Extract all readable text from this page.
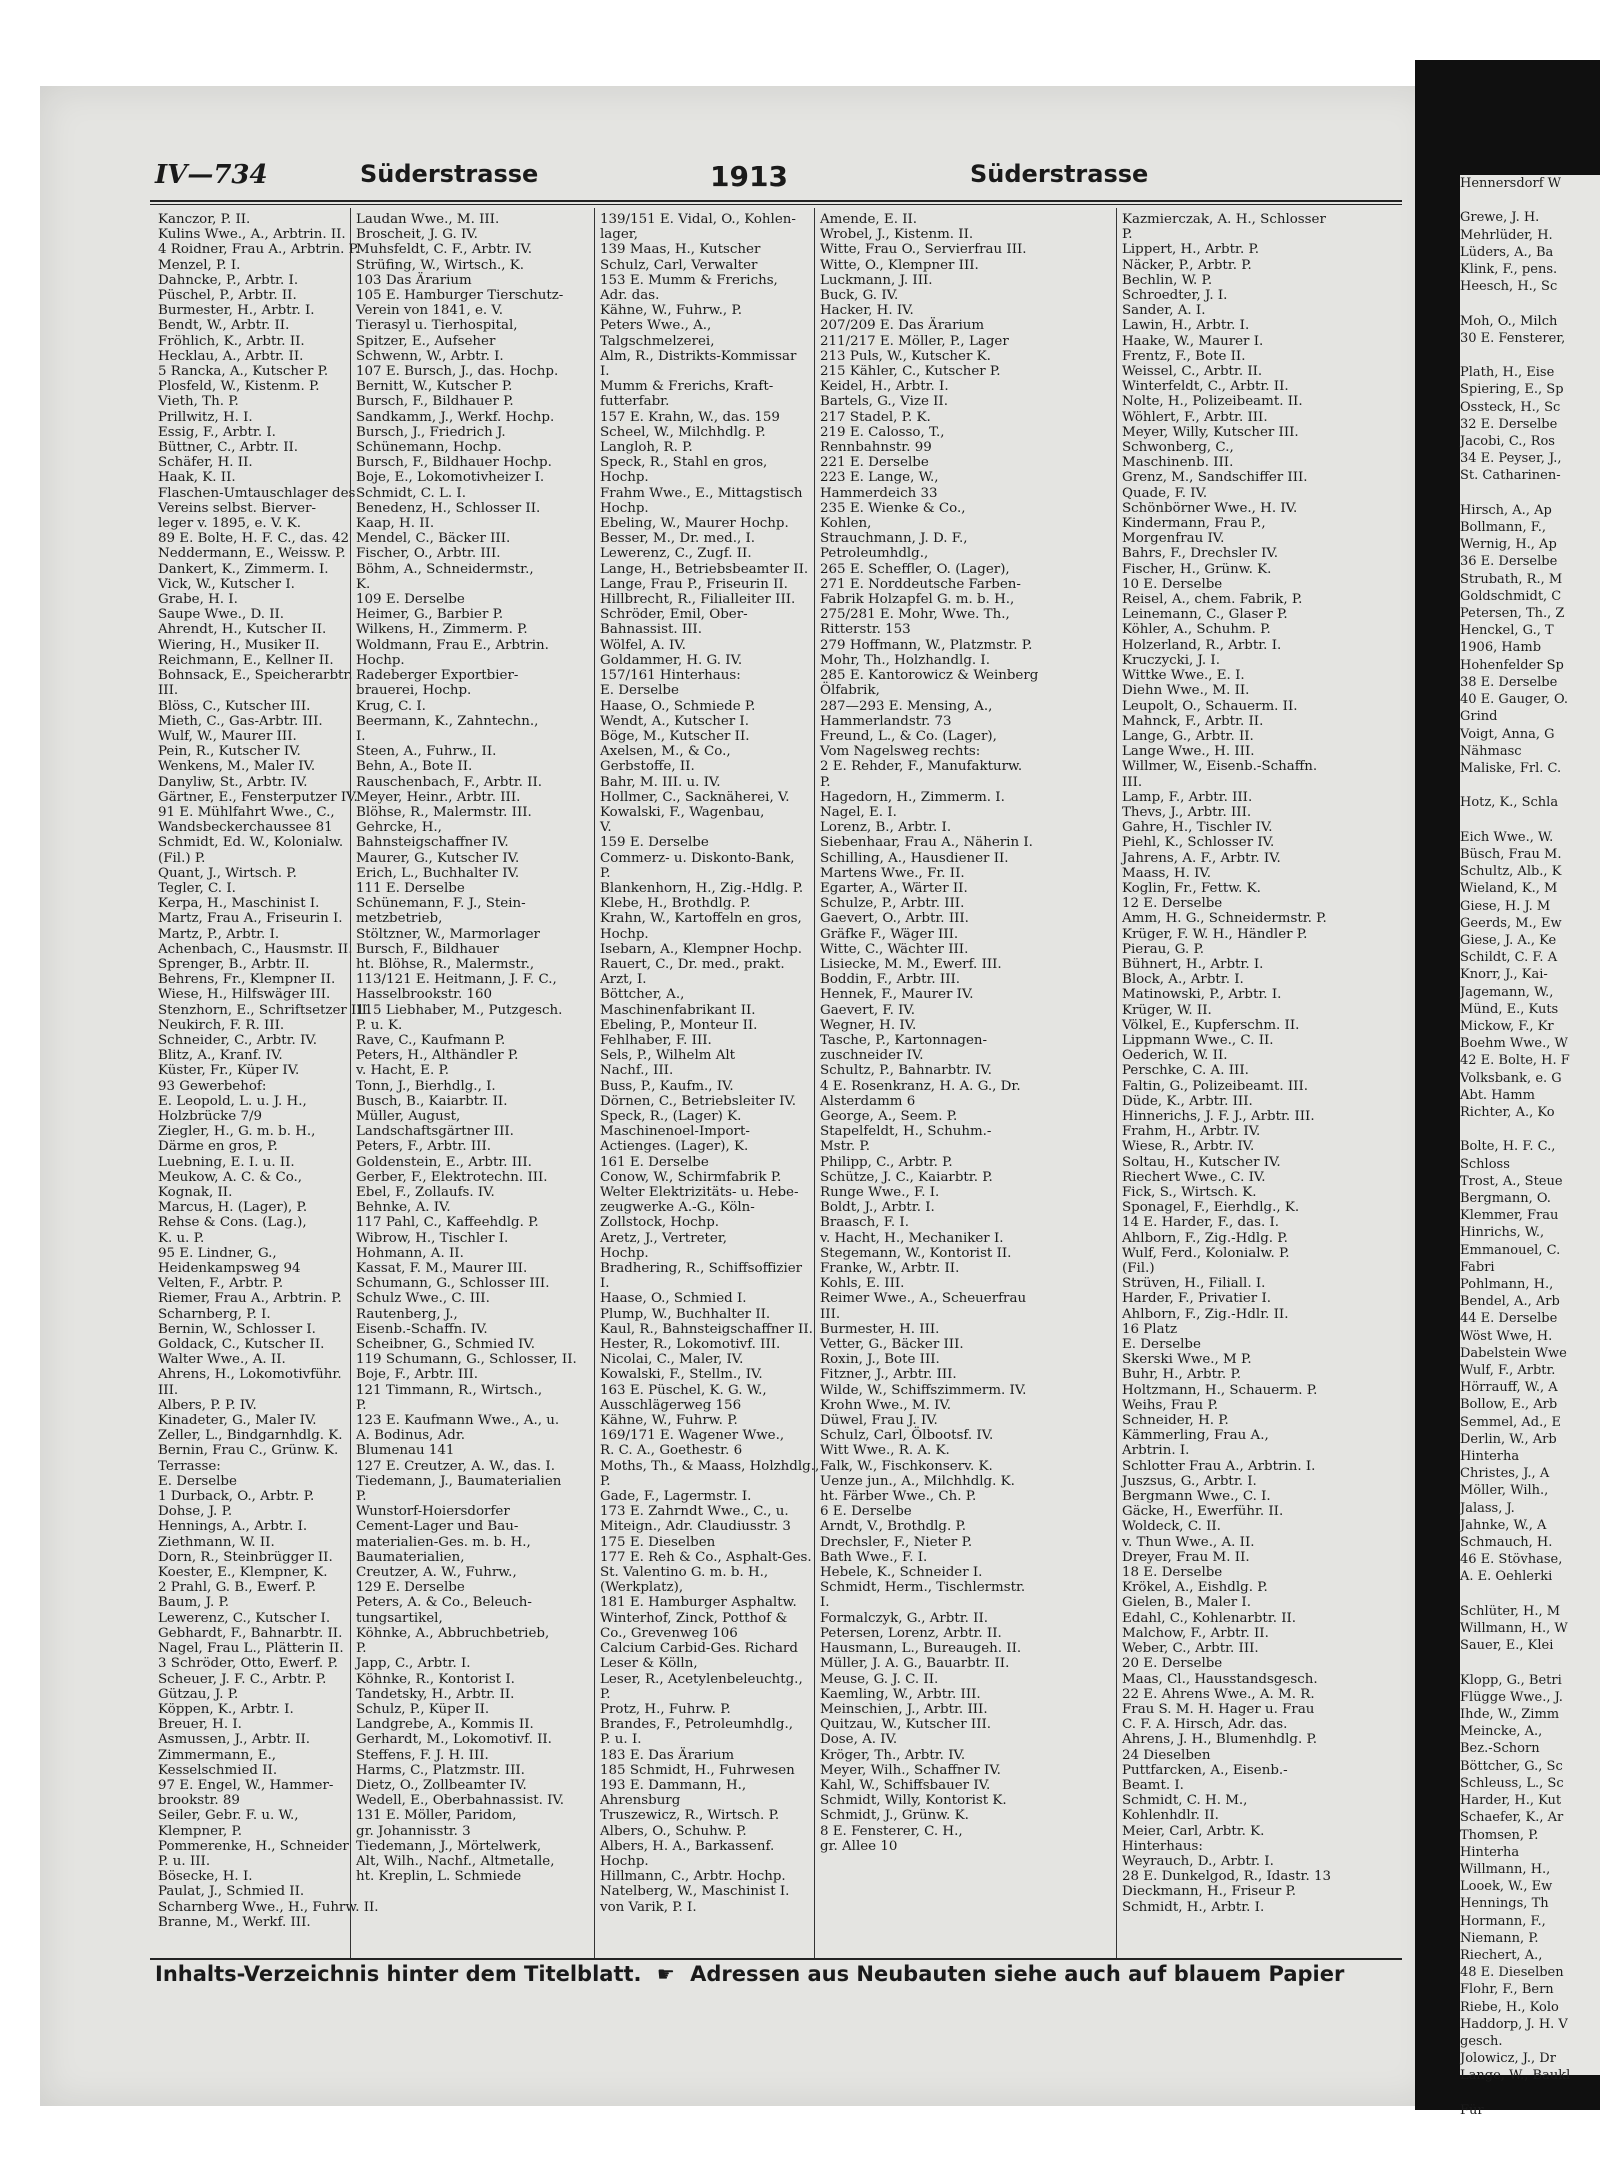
Hennersdorf W

Grewe, J. H.
Mehrlüder, H.
Lüders, A., Ba
Klink, F., pens.
Heesch, H., Sc

Moh, O., Milch
30 E. Fensterer,

Plath, H., Eise
Spiering, E., Sp
Ossteck, H., Sc
32 E. Derselbe
Jacobi, C., Ros
34 E. Peyser, J.,
St. Catharinen-

Hirsch, A., Ap
Bollmann, F.,
Wernig, H., Ap
36 E. Derselbe
Strubath, R., M
Goldschmidt, C
Petersen, Th., Z
Henckel, G., T
1906, Hamb
Hohenfelder Sp
38 E. Derselbe
40 E. Gauger, O.
Grind
Voigt, Anna, G
Nähmasc
Maliske, Frl. C.

Hotz, K., Schla

Eich Wwe., W.
Büsch, Frau M.
Schultz, Alb., K
Wieland, K., M
Giese, H. J. M
Geerds, M., Ew
Giese, J. A., Ke
Schildt, C. F. A
Knorr, J., Kai-
Jagemann, W.,
Münd, E., Kuts
Mickow, F., Kr
Boehm Wwe., W
42 E. Bolte, H. F
Volksbank, e. G
Abt. Hamm
Richter, A., Ko

Bolte, H. F. C.,
Schloss
Trost, A., Steue
Bergmann, O.
Klemmer, Frau
Hinrichs, W.,
Emmanouel, C.
Fabri
Pohlmann, H.,
Bendel, A., Arb
44 E. Derselbe
Wöst Wwe, H.
Dabelstein Wwe
Wulf, F., Arbtr.
Hörrauff, W., A
Bollow, E., Arb
Semmel, Ad., E
Derlin, W., Arb
Hinterha
Christes, J., A
Möller, Wilh.,
Jalass, J.
Jahnke, W., A
Schmauch, H.
46 E. Stövhase,
A. E. Oehlerki

Schlüter, H., M
Willmann, H., W
Sauer, E., Klei

Klopp, G., Betri
Flügge Wwe., J.
Ihde, W., Zimm
Meincke, A.,
Bez.-Schorn
Böttcher, G., Sc
Schleuss, L., Sc
Harder, H., Kut
Schaefer, K., Ar
Thomsen, P.
Hinterha
Willmann, H.,
Looek, W., Ew
Hennings, Th
Hormann, F.,
Niemann, P.
Riechert, A.,
48 E. Dieselben
Flohr, F., Bern
Riebe, H., Kolo
Haddorp, J. H. V
gesch.
Jolowicz, J., Dr
Lange, W., Baukl

Für
IV—734	Süderstrasse	1913	Süderstrasse
Kanczor, P. II.
Kulins Wwe., A., Arbtrin. II.
4 Roidner, Frau A., Arbtrin. P.
Menzel, P. I.
Dahncke, P., Arbtr. I.
Püschel, P., Arbtr. II.
Burmester, H., Arbtr. I.
Bendt, W., Arbtr. II.
Fröhlich, K., Arbtr. II.
Hecklau, A., Arbtr. II.
5 Rancka, A., Kutscher P.
Plosfeld, W., Kistenm. P.
Vieth, Th. P.
Prillwitz, H. I.
Essig, F., Arbtr. I.
Büttner, C., Arbtr. II.
Schäfer, H. II.
Haak, K. II.
Flaschen-Umtauschlager des
Vereins selbst. Bierver-
leger v. 1895, e. V. K.
89 E. Bolte, H. F. C., das. 42
Neddermann, E., Weissw. P.
Dankert, K., Zimmerm. I.
Vick, W., Kutscher I.
Grabe, H. I.
Saupe Wwe., D. II.
Ahrendt, H., Kutscher II.
Wiering, H., Musiker II.
Reichmann, E., Kellner II.
Bohnsack, E., Speicherarbtr.
III.
Blöss, C., Kutscher III.
Mieth, C., Gas-Arbtr. III.
Wulf, W., Maurer III.
Pein, R., Kutscher IV.
Wenkens, M., Maler IV.
Danyliw, St., Arbtr. IV.
Gärtner, E., Fensterputzer IV.
91 E. Mühlfahrt Wwe., C.,
Wandsbeckerchaussee 81
Schmidt, Ed. W., Kolonialw.
(Fil.) P.
Quant, J., Wirtsch. P.
Tegler, C. I.
Kerpa, H., Maschinist I.
Martz, Frau A., Friseurin I.
Martz, P., Arbtr. I.
Achenbach, C., Hausmstr. II.
Sprenger, B., Arbtr. II.
Behrens, Fr., Klempner II.
Wiese, H., Hilfswäger III.
Stenzhorn, E., Schriftsetzer III.
Neukirch, F. R. III.
Schneider, C., Arbtr. IV.
Blitz, A., Kranf. IV.
Küster, Fr., Küper IV.
93 Gewerbehof:
E. Leopold, L. u. J. H.,
Holzbrücke 7/9
Ziegler, H., G. m. b. H.,
Därme en gros, P.
Luebning, E. I. u. II.
Meukow, A. C. & Co.,
Kognak, II.
Marcus, H. (Lager), P.
Rehse & Cons. (Lag.),
K. u. P.
95 E. Lindner, G.,
Heidenkampsweg 94
Velten, F., Arbtr. P.
Riemer, Frau A., Arbtrin. P.
Scharnberg, P. I.
Bernin, W., Schlosser I.
Goldack, C., Kutscher II.
Walter Wwe., A. II.
Ahrens, H., Lokomotivführ.
III.
Albers, P. P. IV.
Kinadeter, G., Maler IV.
Zeller, L., Bindgarnhdlg. K.
Bernin, Frau C., Grünw. K.
Terrasse:
E. Derselbe
1 Durback, O., Arbtr. P.
Dohse, J. P.
Hennings, A., Arbtr. I.
Ziethmann, W. II.
Dorn, R., Steinbrügger II.
Koester, E., Klempner, K.
2 Prahl, G. B., Ewerf. P.
Baum, J. P.
Lewerenz, C., Kutscher I.
Gebhardt, F., Bahnarbtr. II.
Nagel, Frau L., Plätterin II.
3 Schröder, Otto, Ewerf. P.
Scheuer, J. F. C., Arbtr. P.
Gützau, J. P.
Köppen, K., Arbtr. I.
Breuer, H. I.
Asmussen, J., Arbtr. II.
Zimmermann, E.,
Kesselschmied II.
97 E. Engel, W., Hammer-
brookstr. 89
Seiler, Gebr. F. u. W.,
Klempner, P.
Pommerenke, H., Schneider
P. u. III.
Bösecke, H. I.
Paulat, J., Schmied II.
Scharnberg Wwe., H., Fuhrw. II.
Branne, M., Werkf. III.
Laudan Wwe., M. III.
Broscheit, J. G. IV.
Muhsfeldt, C. F., Arbtr. IV.
Strüfing, W., Wirtsch., K.
103 Das Ärarium
105 E. Hamburger Tierschutz-
Verein von 1841, e. V.
Tierasyl u. Tierhospital,
Spitzer, E., Aufseher
Schwenn, W., Arbtr. I.
107 E. Bursch, J., das. Hochp.
Bernitt, W., Kutscher P.
Bursch, F., Bildhauer P.
Sandkamm, J., Werkf. Hochp.
Bursch, J., Friedrich J.
Schünemann, Hochp.
Bursch, F., Bildhauer Hochp.
Boje, E., Lokomotivheizer I.
Schmidt, C. L. I.
Benedenz, H., Schlosser II.
Kaap, H. II.
Mendel, C., Bäcker III.
Fischer, O., Arbtr. III.
Böhm, A., Schneidermstr.,
K.
109 E. Derselbe
Heimer, G., Barbier P.
Wilkens, H., Zimmerm. P.
Woldmann, Frau E., Arbtrin.
Hochp.
Radeberger Exportbier-
brauerei, Hochp.
Krug, C. I.
Beermann, K., Zahntechn.,
I.
Steen, A., Fuhrw., II.
Behn, A., Bote II.
Rauschenbach, F., Arbtr. II.
Meyer, Heinr., Arbtr. III.
Blöhse, R., Malermstr. III.
Gehrcke, H.,
Bahnsteigschaffner IV.
Maurer, G., Kutscher IV.
Erich, L., Buchhalter IV.
111 E. Derselbe
Schünemann, F. J., Stein-
metzbetrieb,
Stöltzner, W., Marmorlager
Bursch, F., Bildhauer
ht. Blöhse, R., Malermstr.,
113/121 E. Heitmann, J. F. C.,
Hasselbrookstr. 160
115 Liebhaber, M., Putzgesch.
P. u. K.
Rave, C., Kaufmann P.
Peters, H., Althändler P.
v. Hacht, E. P.
Tonn, J., Bierhdlg., I.
Busch, B., Kaiarbtr. II.
Müller, August,
Landschaftsgärtner III.
Peters, F., Arbtr. III.
Goldenstein, E., Arbtr. III.
Gerber, F., Elektrotechn. III.
Ebel, F., Zollaufs. IV.
Behnke, A. IV.
117 Pahl, C., Kaffeehdlg. P.
Wibrow, H., Tischler I.
Hohmann, A. II.
Kassat, F. M., Maurer III.
Schumann, G., Schlosser III.
Schulz Wwe., C. III.
Rautenberg, J.,
Eisenb.-Schaffn. IV.
Scheibner, G., Schmied IV.
119 Schumann, G., Schlosser, II.
Boje, F., Arbtr. III.
121 Timmann, R., Wirtsch.,
P.
123 E. Kaufmann Wwe., A., u.
A. Bodinus, Adr.
Blumenau 141
127 E. Creutzer, A. W., das. I.
Tiedemann, J., Baumaterialien
P.
Wunstorf-Hoiersdorfer
Cement-Lager und Bau-
materialien-Ges. m. b. H.,
Baumaterialien,
Creutzer, A. W., Fuhrw.,
129 E. Derselbe
Peters, A. & Co., Beleuch-
tungsartikel,
Köhnke, A., Abbruchbetrieb,
P.
Japp, C., Arbtr. I.
Köhnke, R., Kontorist I.
Tandetsky, H., Arbtr. II.
Schulz, P., Küper II.
Landgrebe, A., Kommis II.
Gerhardt, M., Lokomotivf. II.
Steffens, F. J. H. III.
Harms, C., Platzmstr. III.
Dietz, O., Zollbeamter IV.
Wedell, E., Oberbahnassist. IV.
131 E. Möller, Paridom,
gr. Johannisstr. 3
Tiedemann, J., Mörtelwerk,
Alt, Wilh., Nachf., Altmetalle,
ht. Kreplin, L. Schmiede
139/151 E. Vidal, O., Kohlen-
lager,
139 Maas, H., Kutscher
Schulz, Carl, Verwalter
153 E. Mumm & Frerichs,
Adr. das.
Kähne, W., Fuhrw., P.
Peters Wwe., A.,
Talgschmelzerei,
Alm, R., Distrikts-Kommissar
I.
Mumm & Frerichs, Kraft-
futterfabr.
157 E. Krahn, W., das. 159
Scheel, W., Milchhdlg. P.
Langloh, R. P.
Speck, R., Stahl en gros,
Hochp.
Frahm Wwe., E., Mittagstisch
Hochp.
Ebeling, W., Maurer Hochp.
Besser, M., Dr. med., I.
Lewerenz, C., Zugf. II.
Lange, H., Betriebsbeamter II.
Lange, Frau P., Friseurin II.
Hillbrecht, R., Filialleiter III.
Schröder, Emil, Ober-
Bahnassist. III.
Wölfel, A. IV.
Goldammer, H. G. IV.
157/161 Hinterhaus:
E. Derselbe
Haase, O., Schmiede P.
Wendt, A., Kutscher I.
Böge, M., Kutscher II.
Axelsen, M., & Co.,
Gerbstoffe, II.
Bahr, M. III. u. IV.
Hollmer, C., Sacknäherei, V.
Kowalski, F., Wagenbau,
V.
159 E. Derselbe
Commerz- u. Diskonto-Bank,
P.
Blankenhorn, H., Zig.-Hdlg. P.
Klebe, H., Brothdlg. P.
Krahn, W., Kartoffeln en gros,
Hochp.
Isebarn, A., Klempner Hochp.
Rauert, C., Dr. med., prakt.
Arzt, I.
Böttcher, A.,
Maschinenfabrikant II.
Ebeling, P., Monteur II.
Fehlhaber, F. III.
Sels, P., Wilhelm Alt
Nachf., III.
Buss, P., Kaufm., IV.
Dörnen, C., Betriebsleiter IV.
Speck, R., (Lager) K.
Maschinenoel-Import-
Actienges. (Lager), K.
161 E. Derselbe
Conow, W., Schirmfabrik P.
Welter Elektrizitäts- u. Hebe-
zeugwerke A.-G., Köln-
Zollstock, Hochp.
Aretz, J., Vertreter,
Hochp.
Bradhering, R., Schiffsoffizier
I.
Haase, O., Schmied I.
Plump, W., Buchhalter II.
Kaul, R., Bahnsteigschaffner II.
Hester, R., Lokomotivf. III.
Nicolai, C., Maler, IV.
Kowalski, F., Stellm., IV.
163 E. Püschel, K. G. W.,
Ausschlägerweg 156
Kähne, W., Fuhrw. P.
169/171 E. Wagener Wwe.,
R. C. A., Goethestr. 6
Moths, Th., & Maass, Holzhdlg.,
P.
Gade, F., Lagermstr. I.
173 E. Zahrndt Wwe., C., u.
Miteign., Adr. Claudiusstr. 3
175 E. Dieselben
177 E. Reh & Co., Asphalt-Ges.
St. Valentino G. m. b. H.,
(Werkplatz),
181 E. Hamburger Asphaltw.
Winterhof, Zinck, Potthof &
Co., Grevenweg 106
Calcium Carbid-Ges. Richard
Leser & Kölln,
Leser, R., Acetylenbeleuchtg.,
P.
Protz, H., Fuhrw. P.
Brandes, F., Petroleumhdlg.,
P. u. I.
183 E. Das Ärarium
185 Schmidt, H., Fuhrwesen
193 E. Dammann, H.,
Ahrensburg
Truszewicz, R., Wirtsch. P.
Albers, O., Schuhw. P.
Albers, H. A., Barkassenf.
Hochp.
Hillmann, C., Arbtr. Hochp.
Natelberg, W., Maschinist I.
von Varik, P. I.
Amende, E. II.
Wrobel, J., Kistenm. II.
Witte, Frau O., Servierfrau III.
Witte, O., Klempner III.
Luckmann, J. III.
Buck, G. IV.
Hacker, H. IV.
207/209 E. Das Ärarium
211/217 E. Möller, P., Lager
213 Puls, W., Kutscher K.
215 Kähler, C., Kutscher P.
Keidel, H., Arbtr. I.
Bartels, G., Vize II.
217 Stadel, P. K.
219 E. Calosso, T.,
Rennbahnstr. 99
221 E. Derselbe
223 E. Lange, W.,
Hammerdeich 33
235 E. Wienke & Co.,
Kohlen,
Strauchmann, J. D. F.,
Petroleumhdlg.,
265 E. Scheffler, O. (Lager),
271 E. Norddeutsche Farben-
Fabrik Holzapfel G. m. b. H.,
275/281 E. Mohr, Wwe. Th.,
Ritterstr. 153
279 Hoffmann, W., Platzmstr. P.
Mohr, Th., Holzhandlg. I.
285 E. Kantorowicz & Weinberg
Ölfabrik,
287—293 E. Mensing, A.,
Hammerlandstr. 73
Freund, L., & Co. (Lager),
Vom Nagelsweg rechts:
2 E. Rehder, F., Manufakturw.
P.
Hagedorn, H., Zimmerm. I.
Nagel, E. I.
Lorenz, B., Arbtr. I.
Siebenhaar, Frau A., Näherin I.
Schilling, A., Hausdiener II.
Martens Wwe., Fr. II.
Egarter, A., Wärter II.
Schulze, P., Arbtr. III.
Gaevert, O., Arbtr. III.
Gräfke F., Wäger III.
Witte, C., Wächter III.
Lisiecke, M. M., Ewerf. III.
Boddin, F., Arbtr. III.
Hennek, F., Maurer IV.
Gaevert, F. IV.
Wegner, H. IV.
Tasche, P., Kartonnagen-
zuschneider IV.
Schultz, P., Bahnarbtr. IV.
4 E. Rosenkranz, H. A. G., Dr.
Alsterdamm 6
George, A., Seem. P.
Stapelfeldt, H., Schuhm.-
Mstr. P.
Philipp, C., Arbtr. P.
Schütze, J. C., Kaiarbtr. P.
Runge Wwe., F. I.
Boldt, J., Arbtr. I.
Braasch, F. I.
v. Hacht, H., Mechaniker I.
Stegemann, W., Kontorist II.
Franke, W., Arbtr. II.
Kohls, E. III.
Reimer Wwe., A., Scheuerfrau
III.
Burmester, H. III.
Vetter, G., Bäcker III.
Roxin, J., Bote III.
Fitzner, J., Arbtr. III.
Wilde, W., Schiffszimmerm. IV.
Krohn Wwe., M. IV.
Düwel, Frau J. IV.
Schulz, Carl, Ölbootsf. IV.
Witt Wwe., R. A. K.
Falk, W., Fischkonserv. K.
Uenze jun., A., Milchhdlg. K.
ht. Färber Wwe., Ch. P.
6 E. Derselbe
Arndt, V., Brothdlg. P.
Drechsler, F., Nieter P.
Bath Wwe., F. I.
Hebele, K., Schneider I.
Schmidt, Herm., Tischlermstr.
I.
Formalczyk, G., Arbtr. II.
Petersen, Lorenz, Arbtr. II.
Hausmann, L., Bureaugeh. II.
Müller, J. A. G., Bauarbtr. II.
Meuse, G. J. C. II.
Kaemling, W., Arbtr. III.
Meinschien, J., Arbtr. III.
Quitzau, W., Kutscher III.
Dose, A. IV.
Kröger, Th., Arbtr. IV.
Meyer, Wilh., Schaffner IV.
Kahl, W., Schiffsbauer IV.
Schmidt, Willy, Kontorist K.
Schmidt, J., Grünw. K.
8 E. Fensterer, C. H.,
gr. Allee 10
Kazmierczak, A. H., Schlosser
P.
Lippert, H., Arbtr. P.
Näcker, P., Arbtr. P.
Bechlin, W. P.
Schroedter, J. I.
Sander, A. I.
Lawin, H., Arbtr. I.
Haake, W., Maurer I.
Frentz, F., Bote II.
Weissel, C., Arbtr. II.
Winterfeldt, C., Arbtr. II.
Nolte, H., Polizeibeamt. II.
Wöhlert, F., Arbtr. III.
Meyer, Willy, Kutscher III.
Schwonberg, C.,
Maschinenb. III.
Grenz, M., Sandschiffer III.
Quade, F. IV.
Schönbörner Wwe., H. IV.
Kindermann, Frau P.,
Morgenfrau IV.
Bahrs, F., Drechsler IV.
Fischer, H., Grünw. K.
10 E. Derselbe
Reisel, A., chem. Fabrik, P.
Leinemann, C., Glaser P.
Köhler, A., Schuhm. P.
Holzerland, R., Arbtr. I.
Kruczycki, J. I.
Wittke Wwe., E. I.
Diehn Wwe., M. II.
Leupolt, O., Schauerm. II.
Mahnck, F., Arbtr. II.
Lange, G., Arbtr. II.
Lange Wwe., H. III.
Willmer, W., Eisenb.-Schaffn.
III.
Lamp, F., Arbtr. III.
Thevs, J., Arbtr. III.
Gahre, H., Tischler IV.
Piehl, K., Schlosser IV.
Jahrens, A. F., Arbtr. IV.
Maass, H. IV.
Koglin, Fr., Fettw. K.
12 E. Derselbe
Amm, H. G., Schneidermstr. P.
Krüger, F. W. H., Händler P.
Pierau, G. P.
Bühnert, H., Arbtr. I.
Block, A., Arbtr. I.
Matinowski, P., Arbtr. I.
Krüger, W. II.
Völkel, E., Kupferschm. II.
Lippmann Wwe., C. II.
Oederich, W. II.
Perschke, C. A. III.
Faltin, G., Polizeibeamt. III.
Düde, K., Arbtr. III.
Hinnerichs, J. F. J., Arbtr. III.
Frahm, H., Arbtr. IV.
Wiese, R., Arbtr. IV.
Soltau, H., Kutscher IV.
Riechert Wwe., C. IV.
Fick, S., Wirtsch. K.
Sponagel, F., Eierhdlg., K.
14 E. Harder, F., das. I.
Ahlborn, F., Zig.-Hdlg. P.
Wulf, Ferd., Kolonialw. P.
(Fil.)
Strüven, H., Filiall. I.
Harder, F., Privatier I.
Ahlborn, F., Zig.-Hdlr. II.
16 Platz
E. Derselbe
Skerski Wwe., M P.
Buhr, H., Arbtr. P.
Holtzmann, H., Schauerm. P.
Weihs, Frau P.
Schneider, H. P.
Kämmerling, Frau A.,
Arbtrin. I.
Schlotter Frau A., Arbtrin. I.
Juszsus, G., Arbtr. I.
Bergmann Wwe., C. I.
Gäcke, H., Ewerführ. II.
Woldeck, C. II.
v. Thun Wwe., A. II.
Dreyer, Frau M. II.
18 E. Derselbe
Krökel, A., Eishdlg. P.
Gielen, B., Maler I.
Edahl, C., Kohlenarbtr. II.
Malchow, F., Arbtr. II.
Weber, C., Arbtr. III.
20 E. Derselbe
Maas, Cl., Hausstandsgesch.
22 E. Ahrens Wwe., A. M. R.
Frau S. M. H. Hager u. Frau
C. F. A. Hirsch, Adr. das.
Ahrens, J. H., Blumenhdlg. P.
24 Dieselben
Puttfarcken, A., Eisenb.-
Beamt. I.
Schmidt, C. H. M.,
Kohlenhdlr. II.
Meier, Carl, Arbtr. K.
Hinterhaus:
Weyrauch, D., Arbtr. I.
28 E. Dunkelgod, R., Idastr. 13
Dieckmann, H., Friseur P.
Schmidt, H., Arbtr. I.
Inhalts-Verzeichnis hinter dem Titelblatt. ☛ Adressen aus Neubauten siehe auch auf blauem Papier
